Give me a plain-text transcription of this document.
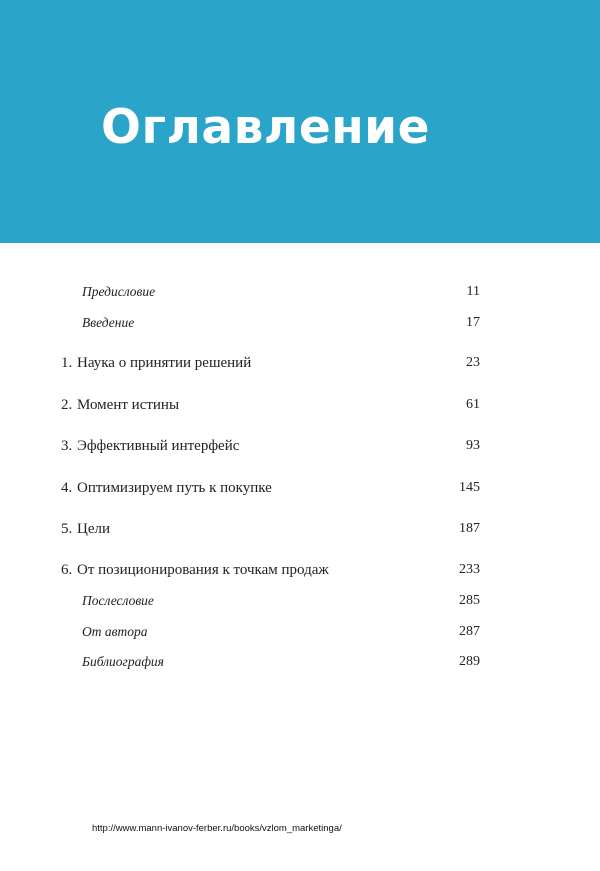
Оглавление
Предисловие	11
Введение	17
1. Наука о принятии решений	23
2. Момент истины	61
3. Эффективный интерфейс	93
4. Оптимизируем путь к покупке	145
5. Цели	187
6. От позиционирования к точкам продаж	233
Послесловие	285
От автора	287
Библиография	289
http://www.mann-ivanov-ferber.ru/books/vzlom_marketinga/
